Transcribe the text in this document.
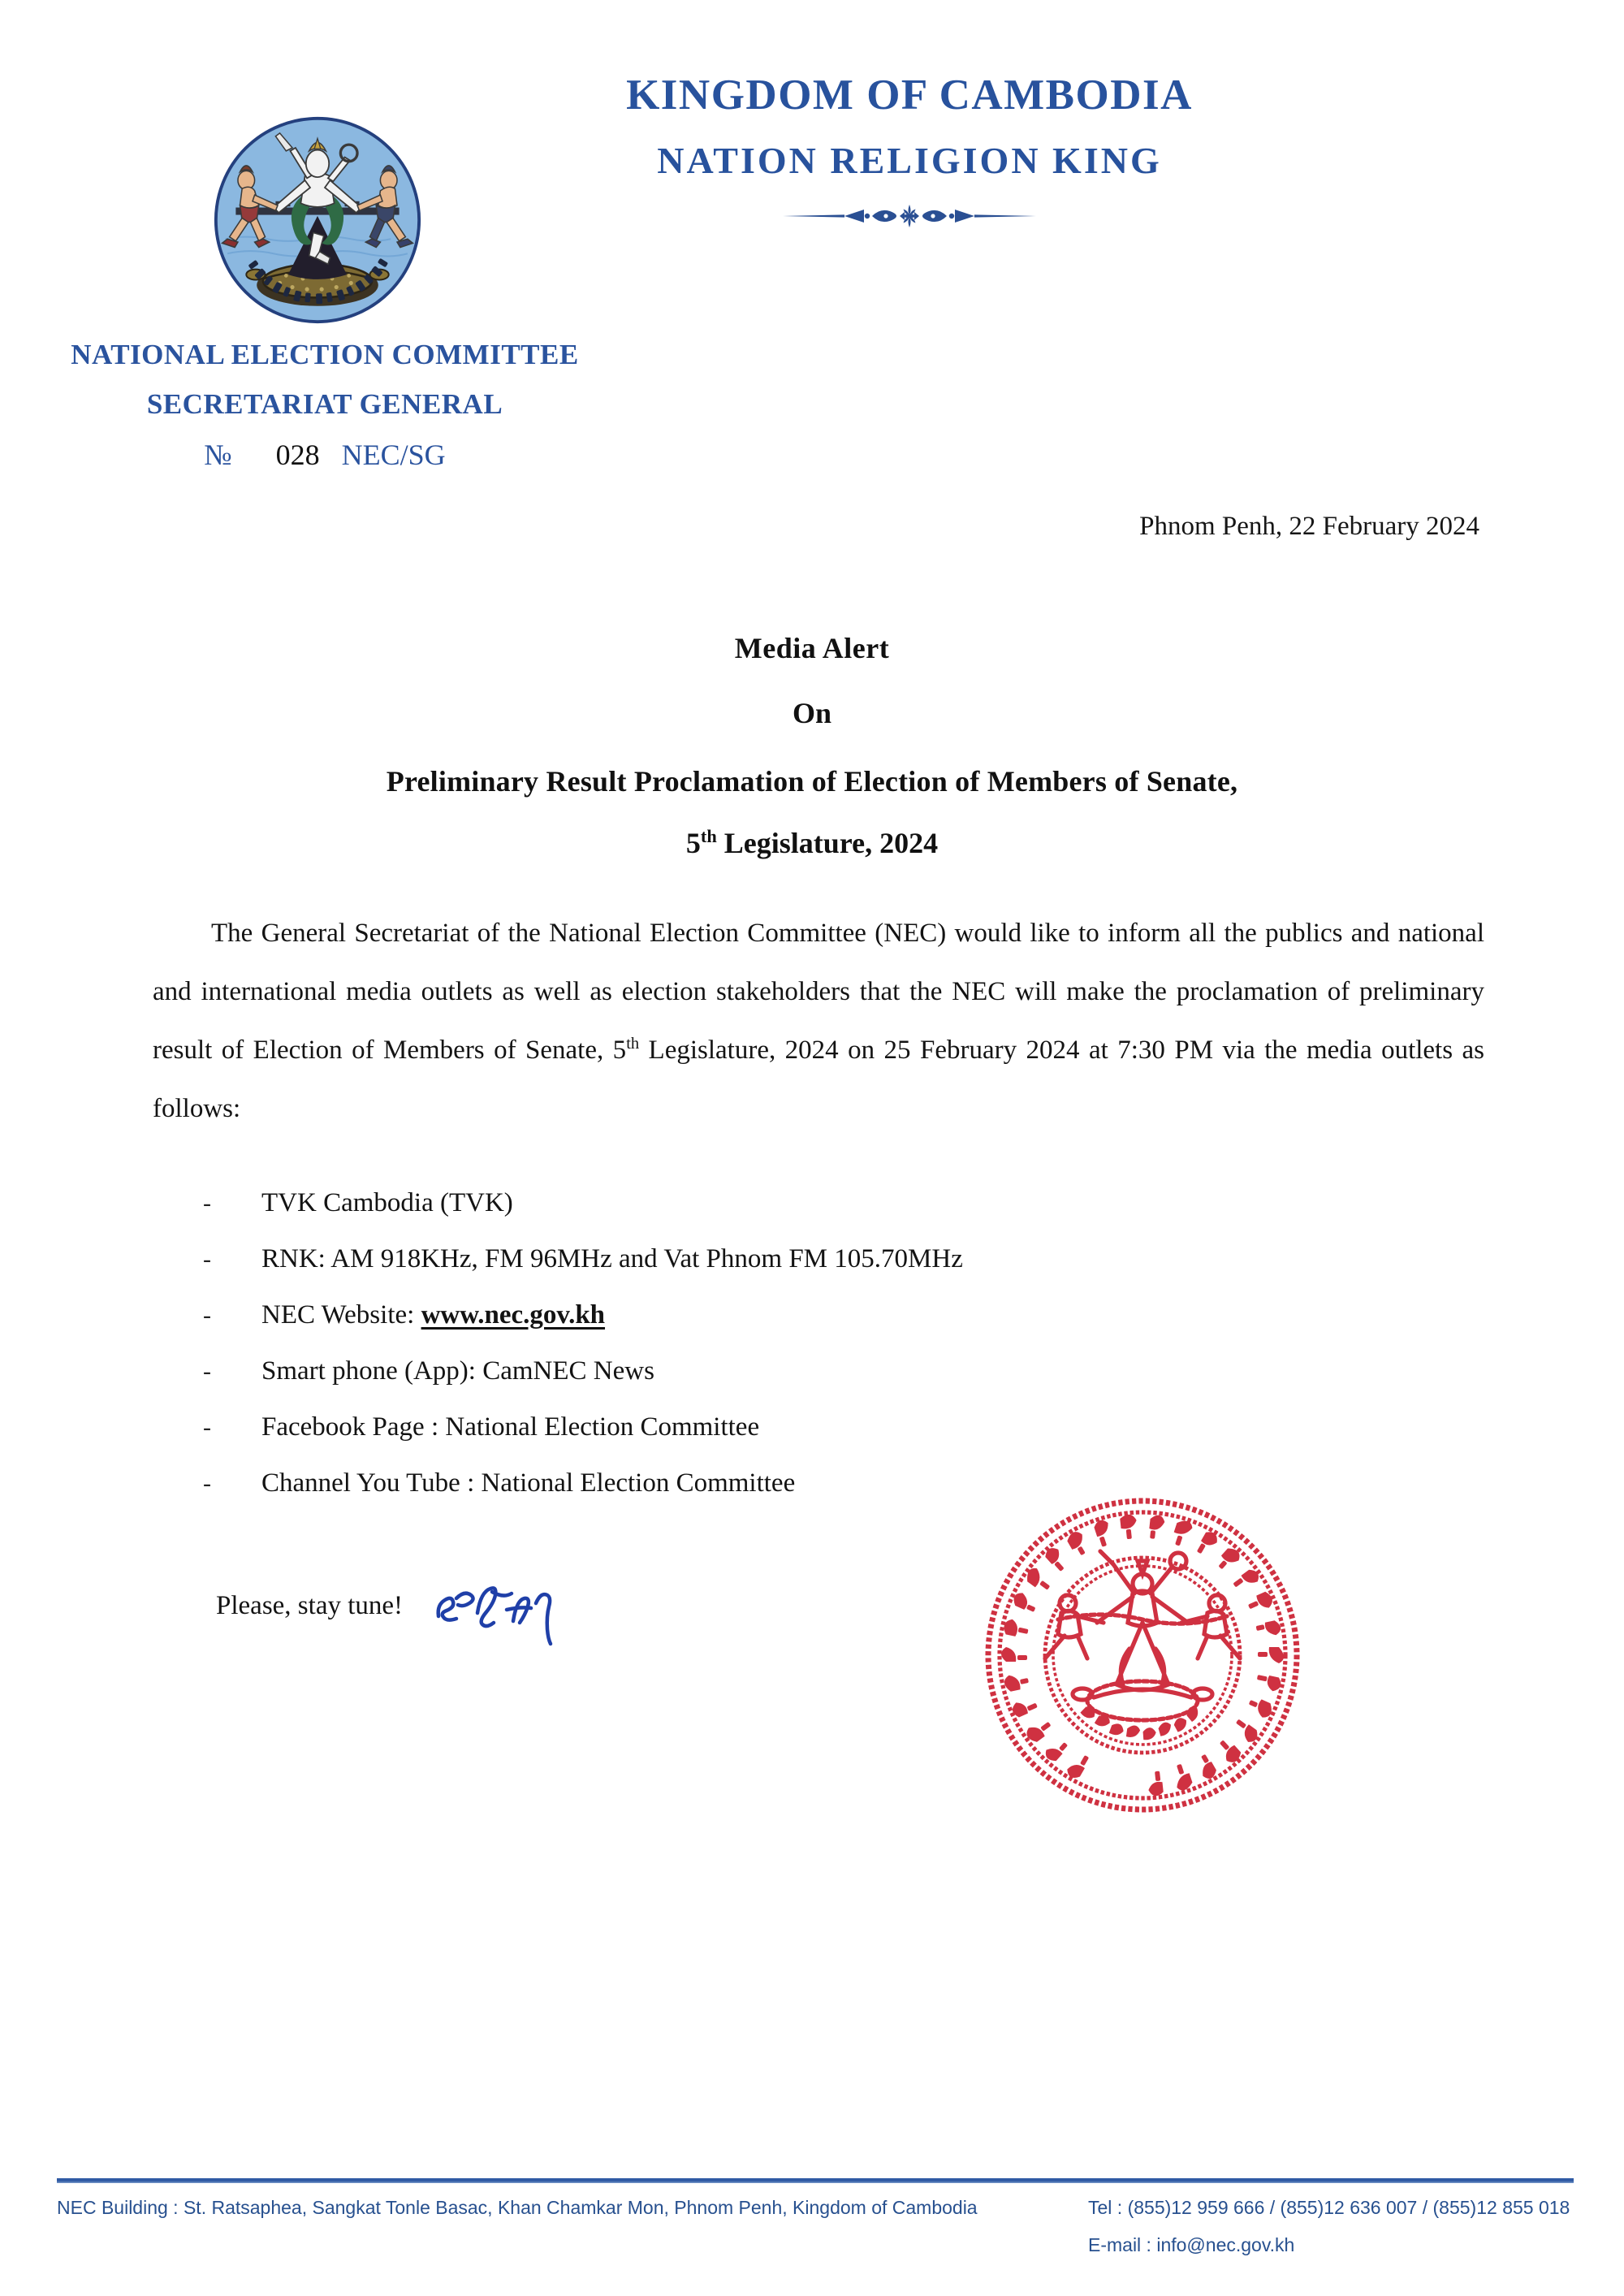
KINGDOM OF CAMBODIA
NATION RELIGION KING
NATIONAL ELECTION COMMITTEE
SECRETARIAT GENERAL
№ 028 NEC/SG
Phnom Penh, 22 February 2024
Media Alert
On
Preliminary Result Proclamation of Election of Members of Senate,
5th Legislature, 2024
The General Secretariat of the National Election Committee (NEC) would like to inform all the publics and national and international media outlets as well as election stakeholders that the NEC will make the proclamation of preliminary result of Election of Members of Senate, 5th Legislature, 2024 on 25 February 2024 at 7:30 PM via the media outlets as follows:
-	TVK Cambodia (TVK)
-	RNK: AM 918KHz, FM 96MHz and Vat Phnom FM 105.70MHz
-	NEC Website: www.nec.gov.kh
-	Smart phone (App): CamNEC News
-	Facebook Page : National Election Committee
-	Channel You Tube : National Election Committee
Please, stay tune!
NEC Building : St. Ratsaphea, Sangkat Tonle Basac, Khan Chamkar Mon, Phnom Penh, Kingdom of Cambodia	Tel : (855)12 959 666 / (855)12 636 007 / (855)12 855 018
E-mail : info@nec.gov.kh
